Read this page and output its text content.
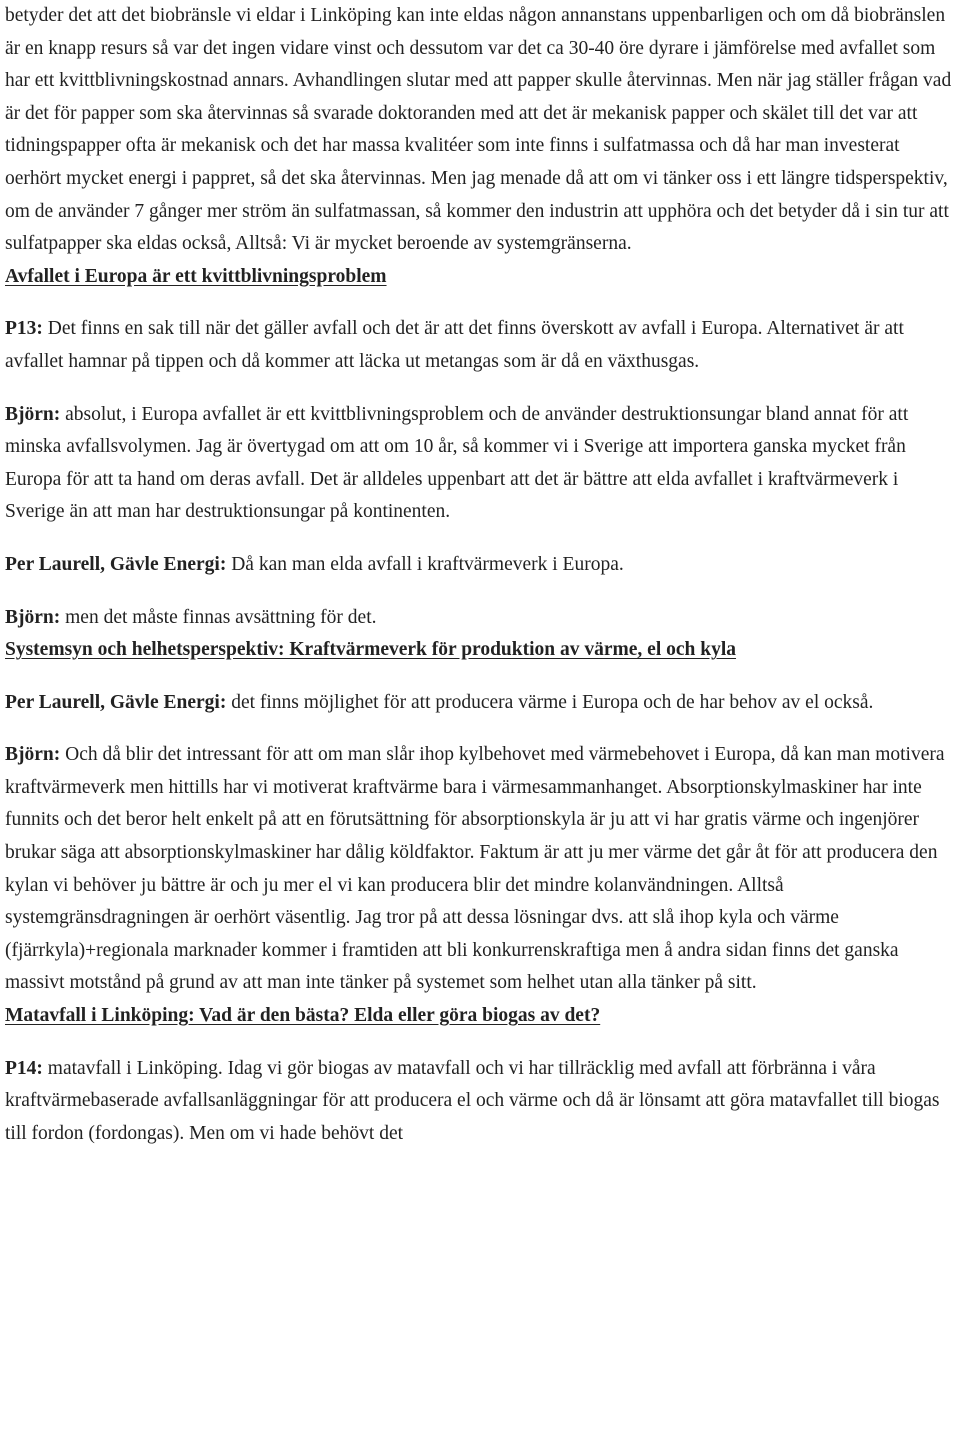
betyder det att det biobränsle vi eldar i Linköping kan inte eldas någon annanstans uppenbarligen och om då biobränslen är en knapp resurs så var det ingen vidare vinst och dessutom var det ca 30-40 öre dyrare i jämförelse med avfallet som har ett kvittblivningskostnad annars. Avhandlingen slutar med att papper skulle återvinnas. Men när jag ställer frågan vad är det för papper som ska återvinnas så svarade doktoranden med att det är mekanisk papper och skälet till det var att tidningspapper ofta är mekanisk och det har massa kvalitéer som inte finns i sulfatmassa och då har man investerat oerhört mycket energi i pappret, så det ska återvinnas. Men jag menade då att om vi tänker oss i ett längre tidsperspektiv, om de använder 7 gånger mer ström än sulfatmassan, så kommer den industrin att upphöra och det betyder då i sin tur att sulfatpapper ska eldas också, Alltså: Vi är mycket beroende av systemgränserna.

Avfallet i Europa är ett kvittblivningsproblem

P13: Det finns en sak till när det gäller avfall och det är att det finns överskott av avfall i Europa. Alternativet är att avfallet hamnar på tippen och då kommer att läcka ut metangas som är då en växthusgas.

Björn: absolut, i Europa avfallet är ett kvittblivningsproblem och de använder destruktionsungar bland annat för att minska avfallsvolymen. Jag är övertygad om att om 10 år, så kommer vi i Sverige att importera ganska mycket från Europa för att ta hand om deras avfall. Det är alldeles uppenbart att det är bättre att elda avfallet i kraftvärmeverk i Sverige än att man har destruktionsungar på kontinenten.

Per Laurell, Gävle Energi: Då kan man elda avfall i kraftvärmeverk i Europa.

Björn: men det måste finnas avsättning för det.

Systemsyn och helhetsperspektiv: Kraftvärmeverk för produktion av värme, el och kyla

Per Laurell, Gävle Energi: det finns möjlighet för att producera värme i Europa och de har behov av el också.

Björn: Och då blir det intressant för att om man slår ihop kylbehovet med värmebehovet i Europa, då kan man motivera kraftvärmeverk men hittills har vi motiverat kraftvärme bara i värmesammanhanget. Absorptionskylmaskiner har inte funnits och det beror helt enkelt på att en förutsättning för absorptionskyla är ju att vi har gratis värme och ingenjörer brukar säga att absorptionskylmaskiner har dålig köldfaktor. Faktum är att ju mer värme det går åt för att producera den kylan vi behöver ju bättre är och ju mer el vi kan producera blir det mindre kolanvändningen. Alltså systemgränsdragningen är oerhört väsentlig. Jag tror på att dessa lösningar dvs. att slå ihop kyla och värme (fjärrkyla)+regionala marknader kommer i framtiden att bli konkurrenskraftiga men å andra sidan finns det ganska massivt motstånd på grund av att man inte tänker på systemet som helhet utan alla tänker på sitt.

Matavfall i Linköping: Vad är den bästa? Elda eller göra biogas av det?

P14: matavfall i Linköping. Idag vi gör biogas av matavfall och vi har tillräcklig med avfall att förbränna i våra kraftvärmebaserade avfallsanläggningar för att producera el och värme och då är lönsamt att göra matavfallet till biogas till fordon (fordongas). Men om vi hade behövt det
